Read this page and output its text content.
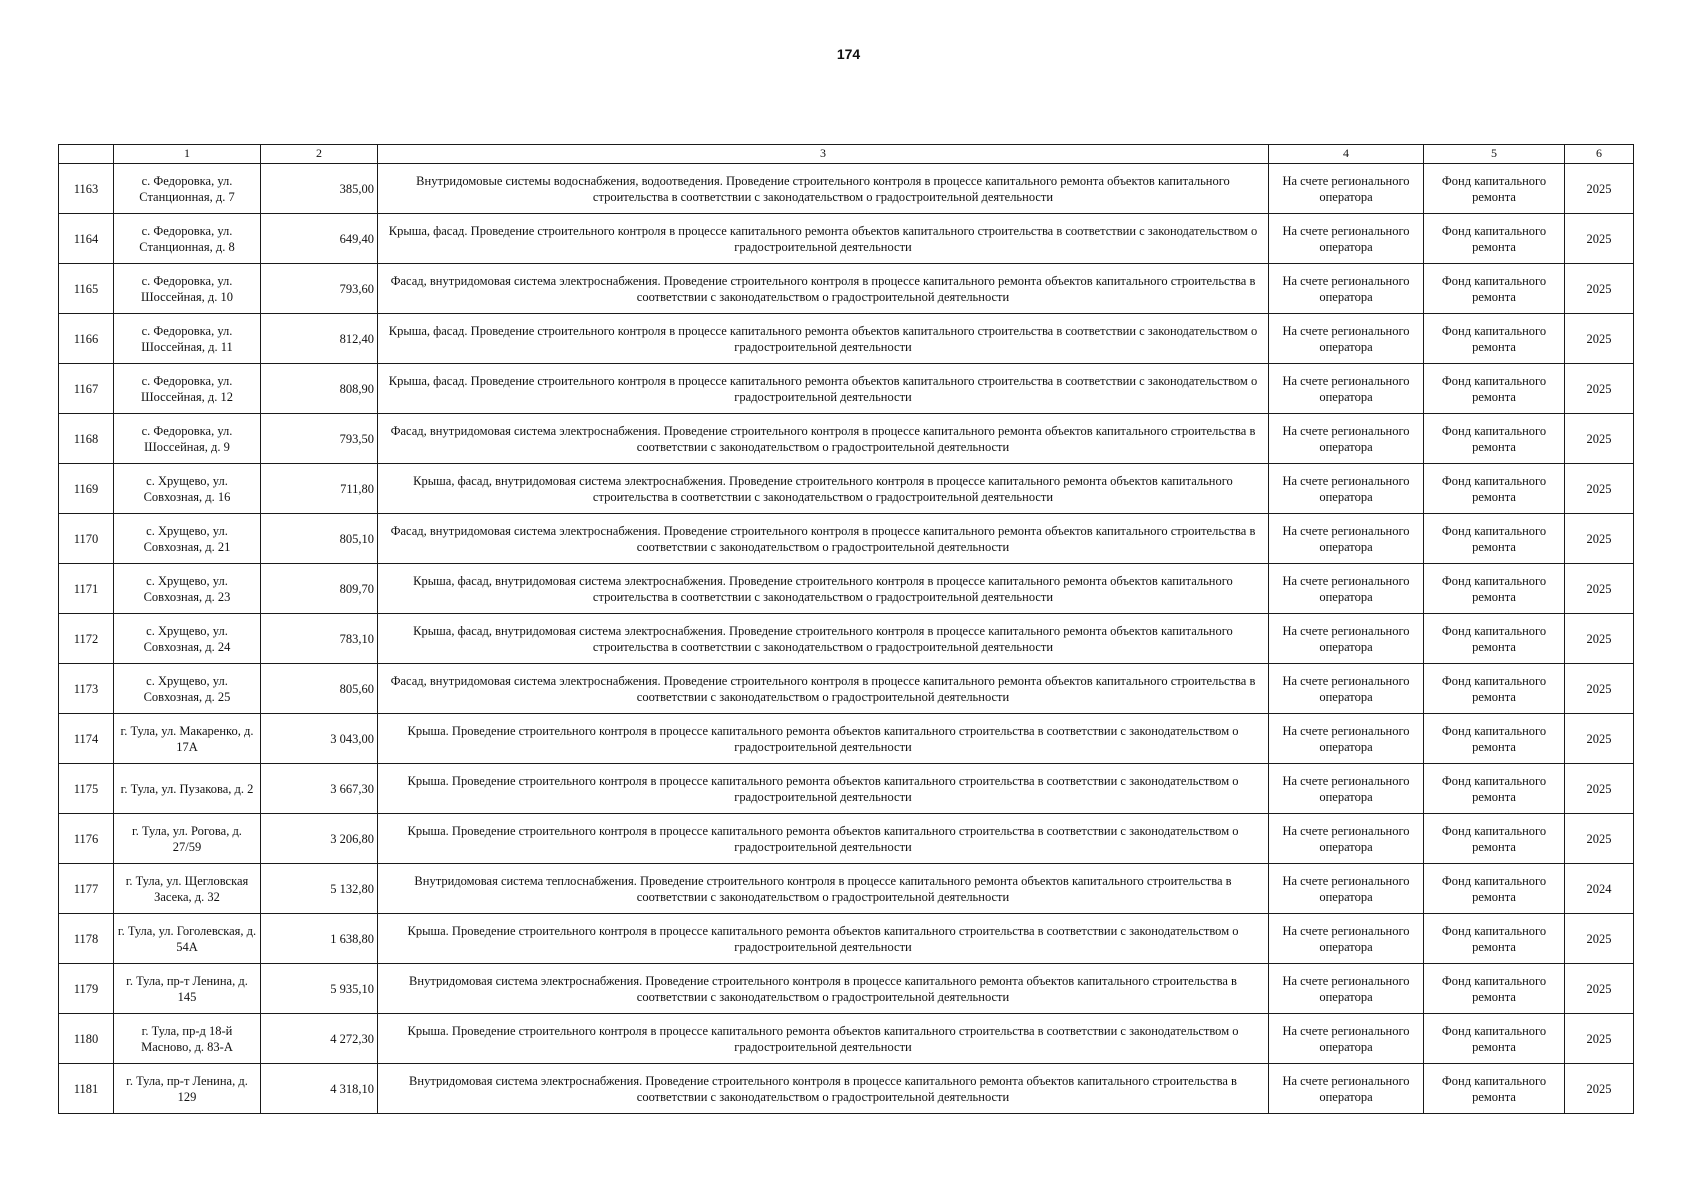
174
	1	2	3	4	5	6
1163	с. Федоровка, ул. Станционная, д. 7	385,00	Внутридомовые системы водоснабжения, водоотведения. Проведение строительного контроля в процессе капитального ремонта объектов капитального строительства в соответствии с законодательством о градостроительной деятельности	На счете регионального оператора	Фонд капитального ремонта	2025
1164	с. Федоровка, ул. Станционная, д. 8	649,40	Крыша, фасад. Проведение строительного контроля в процессе капитального ремонта объектов капитального строительства в соответствии с законодательством о градостроительной деятельности	На счете регионального оператора	Фонд капитального ремонта	2025
1165	с. Федоровка, ул. Шоссейная, д. 10	793,60	Фасад, внутридомовая система электроснабжения. Проведение строительного контроля в процессе капитального ремонта объектов капитального строительства в соответствии с законодательством о градостроительной деятельности	На счете регионального оператора	Фонд капитального ремонта	2025
1166	с. Федоровка, ул. Шоссейная, д. 11	812,40	Крыша, фасад. Проведение строительного контроля в процессе капитального ремонта объектов капитального строительства в соответствии с законодательством о градостроительной деятельности	На счете регионального оператора	Фонд капитального ремонта	2025
1167	с. Федоровка, ул. Шоссейная, д. 12	808,90	Крыша, фасад. Проведение строительного контроля в процессе капитального ремонта объектов капитального строительства в соответствии с законодательством о градостроительной деятельности	На счете регионального оператора	Фонд капитального ремонта	2025
1168	с. Федоровка, ул. Шоссейная, д. 9	793,50	Фасад, внутридомовая система электроснабжения. Проведение строительного контроля в процессе капитального ремонта объектов капитального строительства в соответствии с законодательством о градостроительной деятельности	На счете регионального оператора	Фонд капитального ремонта	2025
1169	с. Хрущево, ул. Совхозная, д. 16	711,80	Крыша, фасад, внутридомовая система электроснабжения. Проведение строительного контроля в процессе капитального ремонта объектов капитального строительства в соответствии с законодательством о градостроительной деятельности	На счете регионального оператора	Фонд капитального ремонта	2025
1170	с. Хрущево, ул. Совхозная, д. 21	805,10	Фасад, внутридомовая система электроснабжения. Проведение строительного контроля в процессе капитального ремонта объектов капитального строительства в соответствии с законодательством о градостроительной деятельности	На счете регионального оператора	Фонд капитального ремонта	2025
1171	с. Хрущево, ул. Совхозная, д. 23	809,70	Крыша, фасад, внутридомовая система электроснабжения. Проведение строительного контроля в процессе капитального ремонта объектов капитального строительства в соответствии с законодательством о градостроительной деятельности	На счете регионального оператора	Фонд капитального ремонта	2025
1172	с. Хрущево, ул. Совхозная, д. 24	783,10	Крыша, фасад, внутридомовая система электроснабжения. Проведение строительного контроля в процессе капитального ремонта объектов капитального строительства в соответствии с законодательством о градостроительной деятельности	На счете регионального оператора	Фонд капитального ремонта	2025
1173	с. Хрущево, ул. Совхозная, д. 25	805,60	Фасад, внутридомовая система электроснабжения. Проведение строительного контроля в процессе капитального ремонта объектов капитального строительства в соответствии с законодательством о градостроительной деятельности	На счете регионального оператора	Фонд капитального ремонта	2025
1174	г. Тула, ул. Макаренко, д. 17А	3 043,00	Крыша. Проведение строительного контроля в процессе капитального ремонта объектов капитального строительства в соответствии с законодательством о градостроительной деятельности	На счете регионального оператора	Фонд капитального ремонта	2025
1175	г. Тула, ул. Пузакова, д. 2	3 667,30	Крыша. Проведение строительного контроля в процессе капитального ремонта объектов капитального строительства в соответствии с законодательством о градостроительной деятельности	На счете регионального оператора	Фонд капитального ремонта	2025
1176	г. Тула, ул. Рогова, д. 27/59	3 206,80	Крыша. Проведение строительного контроля в процессе капитального ремонта объектов капитального строительства в соответствии с законодательством о градостроительной деятельности	На счете регионального оператора	Фонд капитального ремонта	2025
1177	г. Тула, ул. Щегловская Засека, д. 32	5 132,80	Внутридомовая система теплоснабжения. Проведение строительного контроля в процессе капитального ремонта объектов капитального строительства в соответствии с законодательством о градостроительной деятельности	На счете регионального оператора	Фонд капитального ремонта	2024
1178	г. Тула, ул. Гоголевская, д. 54А	1 638,80	Крыша. Проведение строительного контроля в процессе капитального ремонта объектов капитального строительства в соответствии с законодательством о градостроительной деятельности	На счете регионального оператора	Фонд капитального ремонта	2025
1179	г. Тула, пр-т Ленина, д. 145	5 935,10	Внутридомовая система электроснабжения. Проведение строительного контроля в процессе капитального ремонта объектов капитального строительства в соответствии с законодательством о градостроительной деятельности	На счете регионального оператора	Фонд капитального ремонта	2025
1180	г. Тула, пр-д 18-й Масново, д. 83-А	4 272,30	Крыша. Проведение строительного контроля в процессе капитального ремонта объектов капитального строительства в соответствии с законодательством о градостроительной деятельности	На счете регионального оператора	Фонд капитального ремонта	2025
1181	г. Тула, пр-т Ленина, д. 129	4 318,10	Внутридомовая система электроснабжения. Проведение строительного контроля в процессе капитального ремонта объектов капитального строительства в соответствии с законодательством о градостроительной деятельности	На счете регионального оператора	Фонд капитального ремонта	2025
